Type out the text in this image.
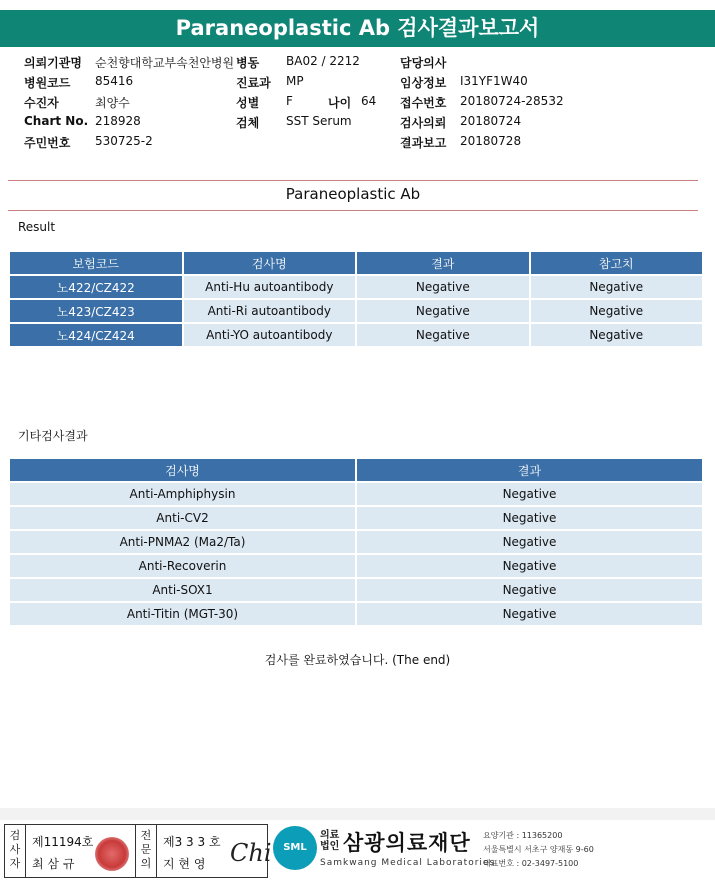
Paraneoplastic Ab 검사결과보고서
의뢰기관명 순천향대학교부속천안병원 병동 BA02 / 2212	담당의사
병원코드 85416	진료과 MP	임상정보 I31YF1W40
수진자	최양수	성별 F	나이 64 접수번호 20180724-28532
Chart No. 218928	검체 SST Serum	검사의뢰 20180724
주민번호 530725-2	결과보고 20180728
Paraneoplastic Ab
Result
보험코드	검사명	결과	참고치
노422/CZ422	Anti-Hu autoantibody	Negative	Negative
노423/CZ423	Anti-Ri autoantibody	Negative	Negative
노424/CZ424	Anti-YO autoantibody	Negative	Negative
기타검사결과
검사명	결과
Anti-Amphiphysin	Negative
Anti-CV2	Negative
Anti-PNMA2 (Ma2/Ta)	Negative
Anti-Recoverin	Negative
Anti-SOX1	Negative
Anti-Titin (MGT-30)	Negative
검사를 완료하였습니다. (The end)
검사자
제11194호
최 삼 규
전문의
제3 3 3 호
지 현 영 Chi	SML
의료 법인 삼광의료재단
Samkwang Medical Laboratories
요양기관 : 11365200
서울특별시 서초구 양재동 9-60
대표번호 : 02-3497-5100
